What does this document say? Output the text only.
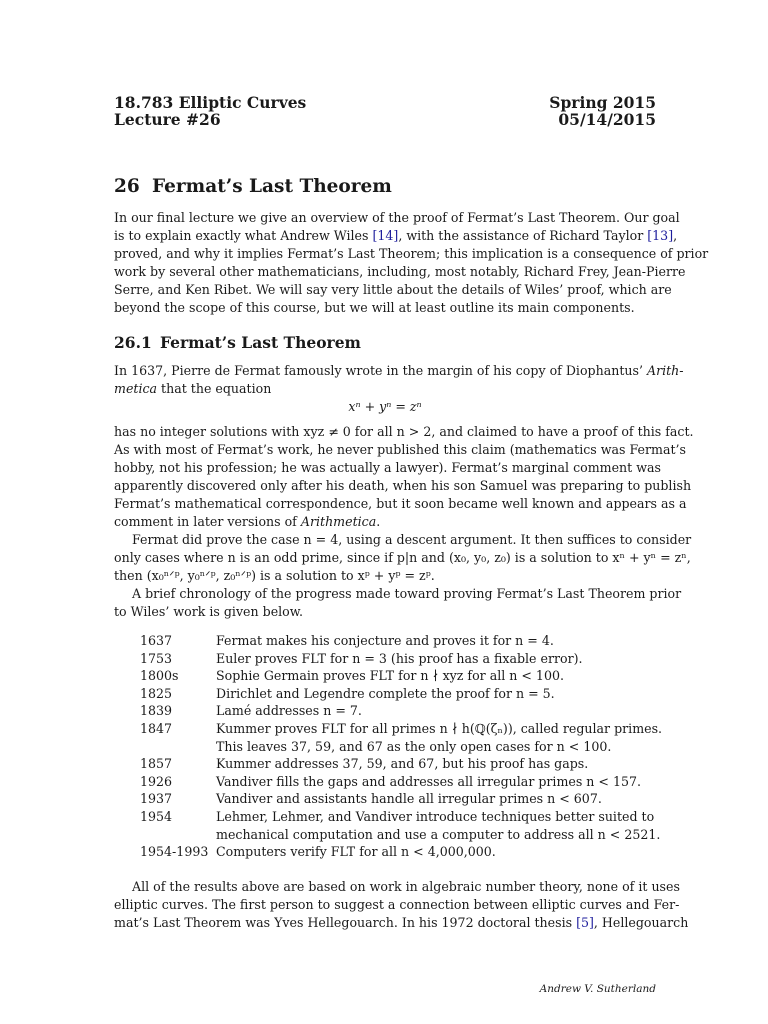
18.783 Elliptic Curves	Spring 2015
Lecture #26	05/14/2015
26 Fermat’s Last Theorem
In our final lecture we give an overview of the proof of Fermat’s Last Theorem. Our goal
is to explain exactly what Andrew Wiles [14], with the assistance of Richard Taylor [13],
proved, and why it implies Fermat’s Last Theorem; this implication is a consequence of prior
work by several other mathematicians, including, most notably, Richard Frey, Jean-Pierre
Serre, and Ken Ribet. We will say very little about the details of Wiles’ proof, which are
beyond the scope of this course, but we will at least outline its main components.
26.1 Fermat’s Last Theorem
In 1637, Pierre de Fermat famously wrote in the margin of his copy of Diophantus’ Arith-
metica that the equation
xⁿ + yⁿ = zⁿ
has no integer solutions with xyz ≠ 0 for all n > 2, and claimed to have a proof of this fact.
As with most of Fermat’s work, he never published this claim (mathematics was Fermat’s
hobby, not his profession; he was actually a lawyer). Fermat’s marginal comment was
apparently discovered only after his death, when his son Samuel was preparing to publish
Fermat’s mathematical correspondence, but it soon became well known and appears as a
comment in later versions of Arithmetica.
Fermat did prove the case n = 4, using a descent argument. It then suffices to consider
only cases where n is an odd prime, since if p|n and (x₀, y₀, z₀) is a solution to xⁿ + yⁿ = zⁿ,
then (x₀ⁿᐟᵖ, y₀ⁿᐟᵖ, z₀ⁿᐟᵖ) is a solution to xᵖ + yᵖ = zᵖ.
A brief chronology of the progress made toward proving Fermat’s Last Theorem prior
to Wiles’ work is given below.
1637	Fermat makes his conjecture and proves it for n = 4.
1753	Euler proves FLT for n = 3 (his proof has a fixable error).
1800s	Sophie Germain proves FLT for n ∤ xyz for all n < 100.
1825	Dirichlet and Legendre complete the proof for n = 5.
1839	Lamé addresses n = 7.
1847	Kummer proves FLT for all primes n ∤ h(ℚ(ζₙ)), called regular primes.
This leaves 37, 59, and 67 as the only open cases for n < 100.
1857	Kummer addresses 37, 59, and 67, but his proof has gaps.
1926	Vandiver fills the gaps and addresses all irregular primes n < 157.
1937	Vandiver and assistants handle all irregular primes n < 607.
1954	Lehmer, Lehmer, and Vandiver introduce techniques better suited to
mechanical computation and use a computer to address all n < 2521.
1954-1993 Computers verify FLT for all n < 4,000,000.
All of the results above are based on work in algebraic number theory, none of it uses
elliptic curves. The first person to suggest a connection between elliptic curves and Fer-
mat’s Last Theorem was Yves Hellegouarch. In his 1972 doctoral thesis [5], Hellegouarch
Andrew V. Sutherland
